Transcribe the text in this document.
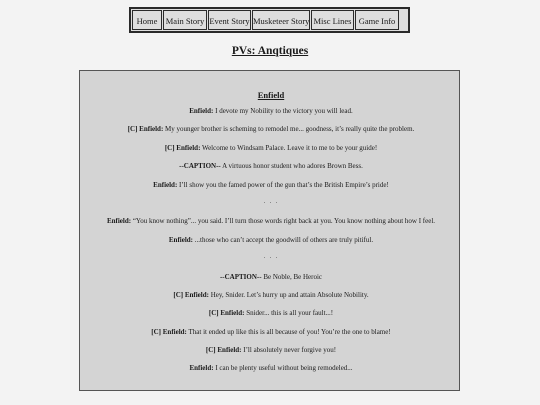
Home Main Story Event Story Musketeer Story Misc Lines Game Info
PVs: Anqtiques
Enfield
Enfield: I devote my Nobility to the victory you will lead.
[C] Enfield: My younger brother is scheming to remodel me... goodness, it’s really quite the problem.
[C] Enfield: Welcome to Windsam Palace. Leave it to me to be your guide!
--CAPTION-- A virtuous honor student who adores Brown Bess.
Enfield: I’ll show you the famed power of the gun that’s the British Empire’s pride!
· · ·
Enfield: “You know nothing”... you said. I’ll turn those words right back at you. You know nothing about how I feel.
Enfield: ...those who can’t accept the goodwill of others are truly pitiful.
· · ·
--CAPTION-- Be Noble, Be Heroic
[C] Enfield: Hey, Snider. Let’s hurry up and attain Absolute Nobility.
[C] Enfield: Snider... this is all your fault...!
[C] Enfield: That it ended up like this is all because of you! You’re the one to blame!
[C] Enfield: I’ll absolutely never forgive you!
Enfield: I can be plenty useful without being remodeled...
